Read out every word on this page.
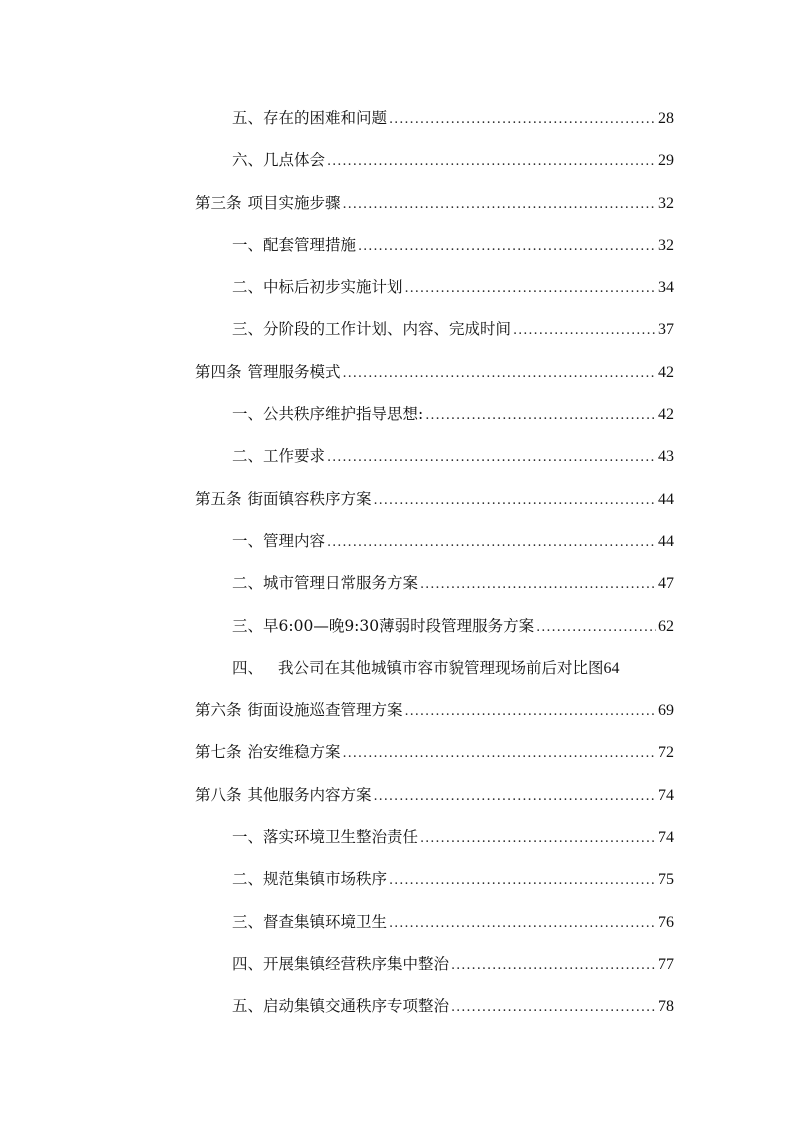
五、 存在的困难和问题 .....	28
六、 几点体会 .....	29
第三条 项目实施步骤 .....	32
一、 配套管理措施 .....	32
二、 中标后初步实施计划 .....	34
三、 分阶段的工作计划、内容、完成时间 .....	37
第四条 管理服务模式 .....	42
一、 公共秩序维护指导思想: .....	42
二、 工作要求 .....	43
第五条 街面镇容秩序方案 .....	44
一、 管理内容 .....	44
二、 城市管理日常服务方案 .....	47
三、 早6:00—晚9:30薄弱时段管理服务方案 .....	62
四、 我公司在其他城镇市容市貌管理现场前后对比图 64
第六条 街面设施巡查管理方案 .....	69
第七条 治安维稳方案 .....	72
第八条 其他服务内容方案 .....	74
一、 落实环境卫生整治责任 .....	74
二、 规范集镇市场秩序 .....	75
三、 督查集镇环境卫生 .....	76
四、 开展集镇经营秩序集中整治 .....	77
五、 启动集镇交通秩序专项整治 .....	78
